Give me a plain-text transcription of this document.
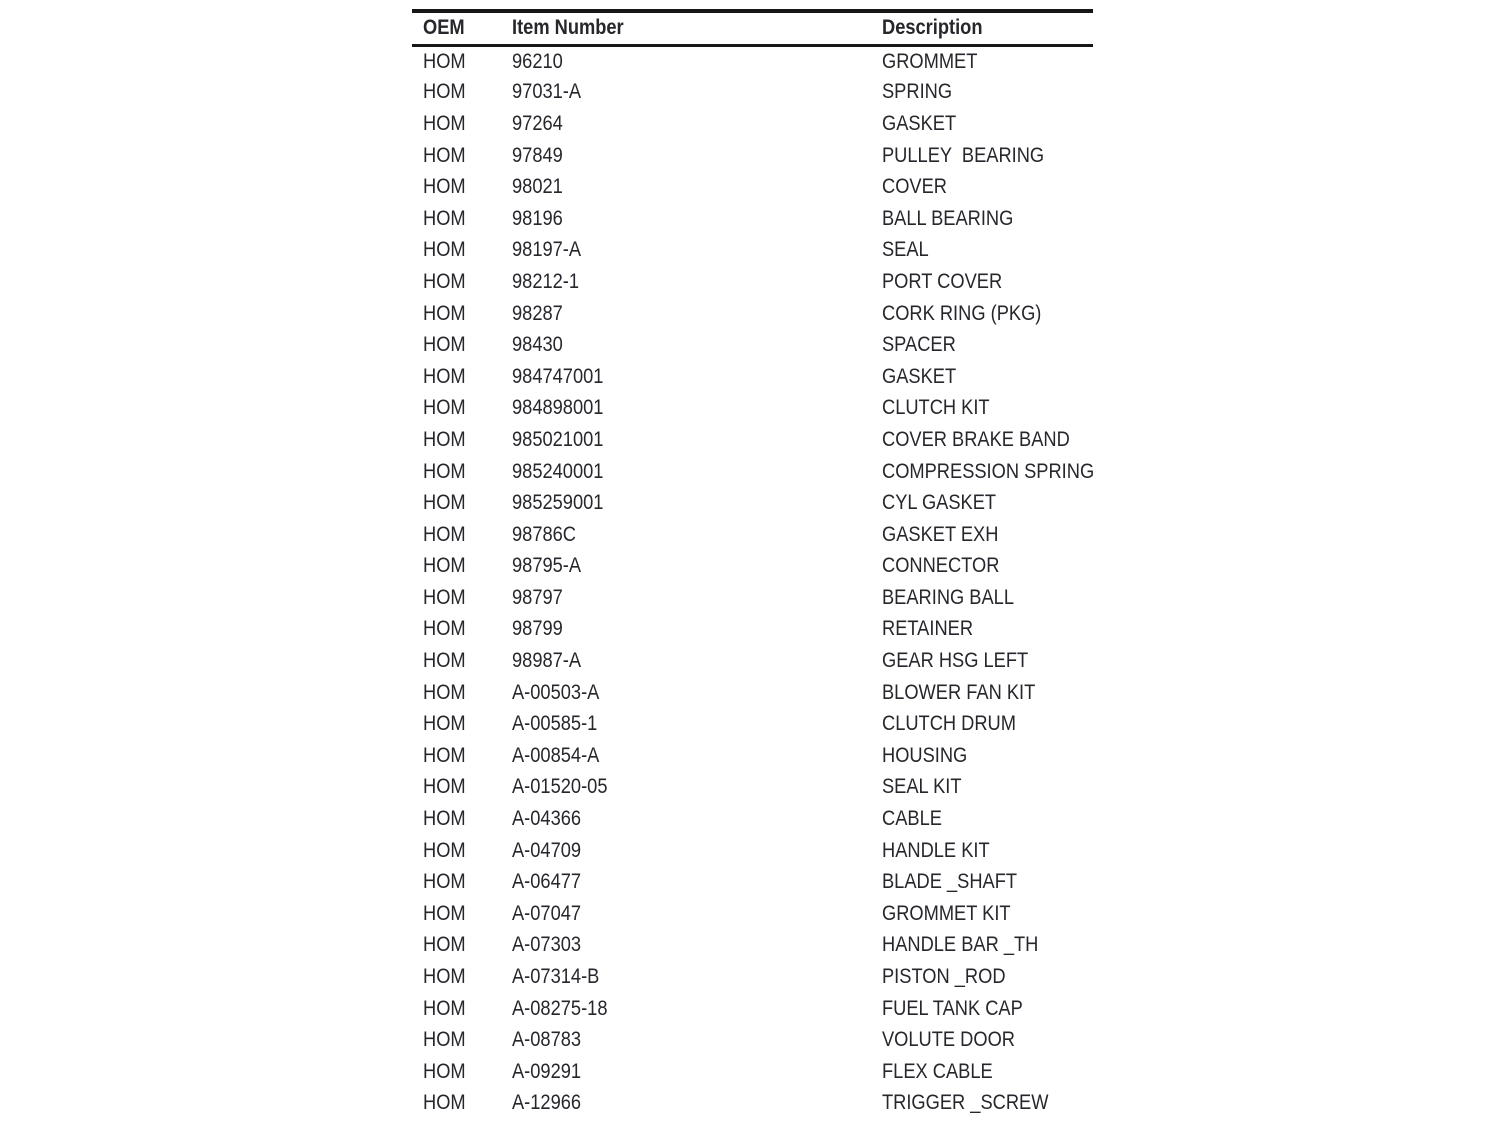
OEM	Item Number	Description
HOM	96210	GROMMET
HOM	97031-A	SPRING
HOM	97264	GASKET
HOM	97849	PULLEY  BEARING
HOM	98021	COVER
HOM	98196	BALL BEARING
HOM	98197-A	SEAL
HOM	98212-1	PORT COVER
HOM	98287	CORK RING (PKG)
HOM	98430	SPACER
HOM	984747001	GASKET
HOM	984898001	CLUTCH KIT
HOM	985021001	COVER BRAKE BAND
HOM	985240001	COMPRESSION SPRING
HOM	985259001	CYL GASKET
HOM	98786C	GASKET EXH
HOM	98795-A	CONNECTOR
HOM	98797	BEARING BALL
HOM	98799	RETAINER
HOM	98987-A	GEAR HSG LEFT
HOM	A-00503-A	BLOWER FAN KIT
HOM	A-00585-1	CLUTCH DRUM
HOM	A-00854-A	HOUSING
HOM	A-01520-05	SEAL KIT
HOM	A-04366	CABLE
HOM	A-04709	HANDLE KIT
HOM	A-06477	BLADE _SHAFT
HOM	A-07047	GROMMET KIT
HOM	A-07303	HANDLE BAR _TH
HOM	A-07314-B	PISTON _ROD
HOM	A-08275-18	FUEL TANK CAP
HOM	A-08783	VOLUTE DOOR
HOM	A-09291	FLEX CABLE
HOM	A-12966	TRIGGER _SCREW
